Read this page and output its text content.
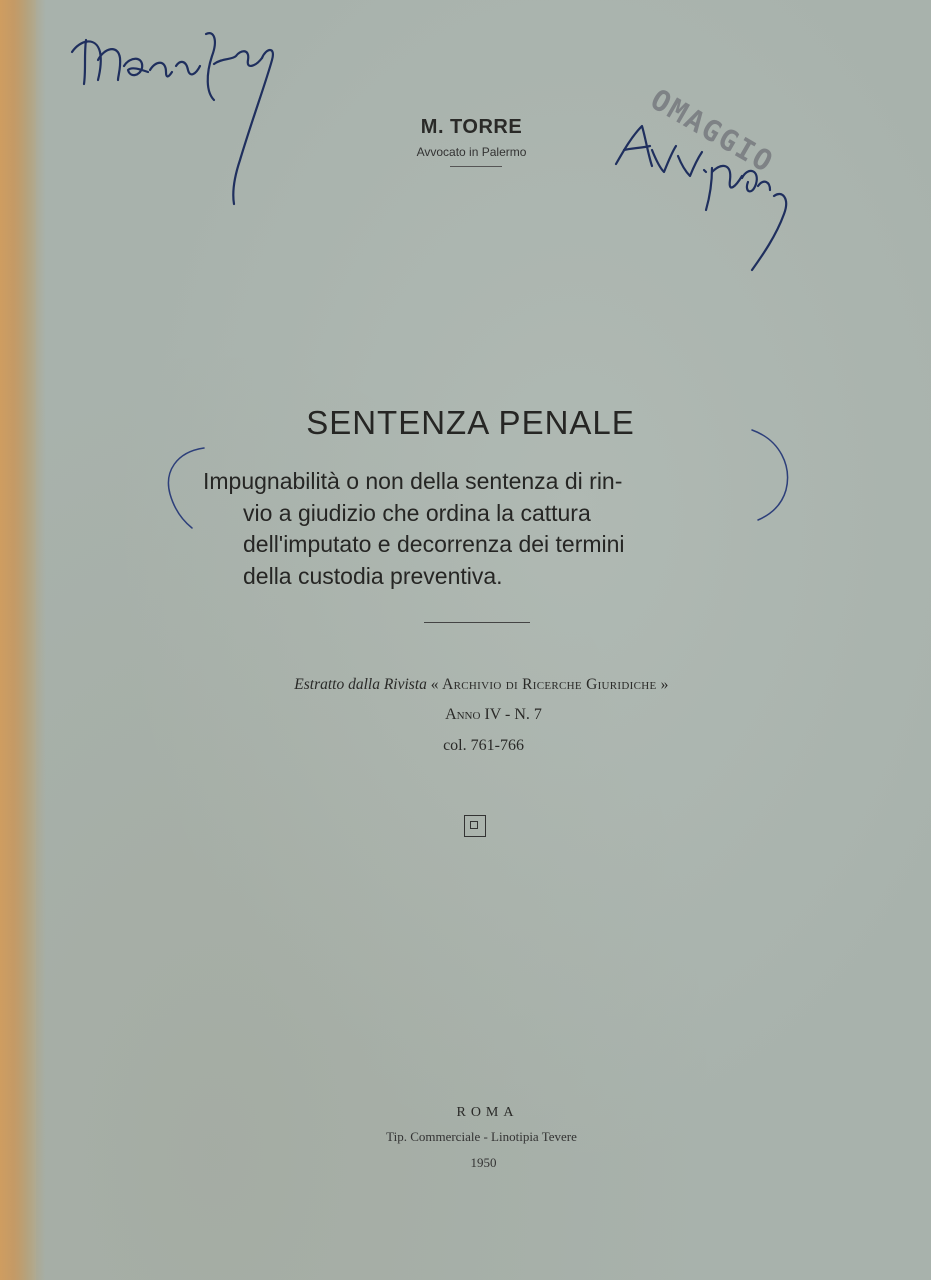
OMAGGIO
M. TORRE
Avvocato in Palermo
SENTENZA PENALE
Impugnabilità o non della sentenza di rin-
vio a giudizio che ordina la cattura
dell'imputato e decorrenza dei termini
della custodia preventiva.
Estratto dalla Rivista « Archivio di Ricerche Giuridiche »
Anno IV - N. 7
col. 761-766
ROMA
Tip. Commerciale - Linotipia Tevere
1950
